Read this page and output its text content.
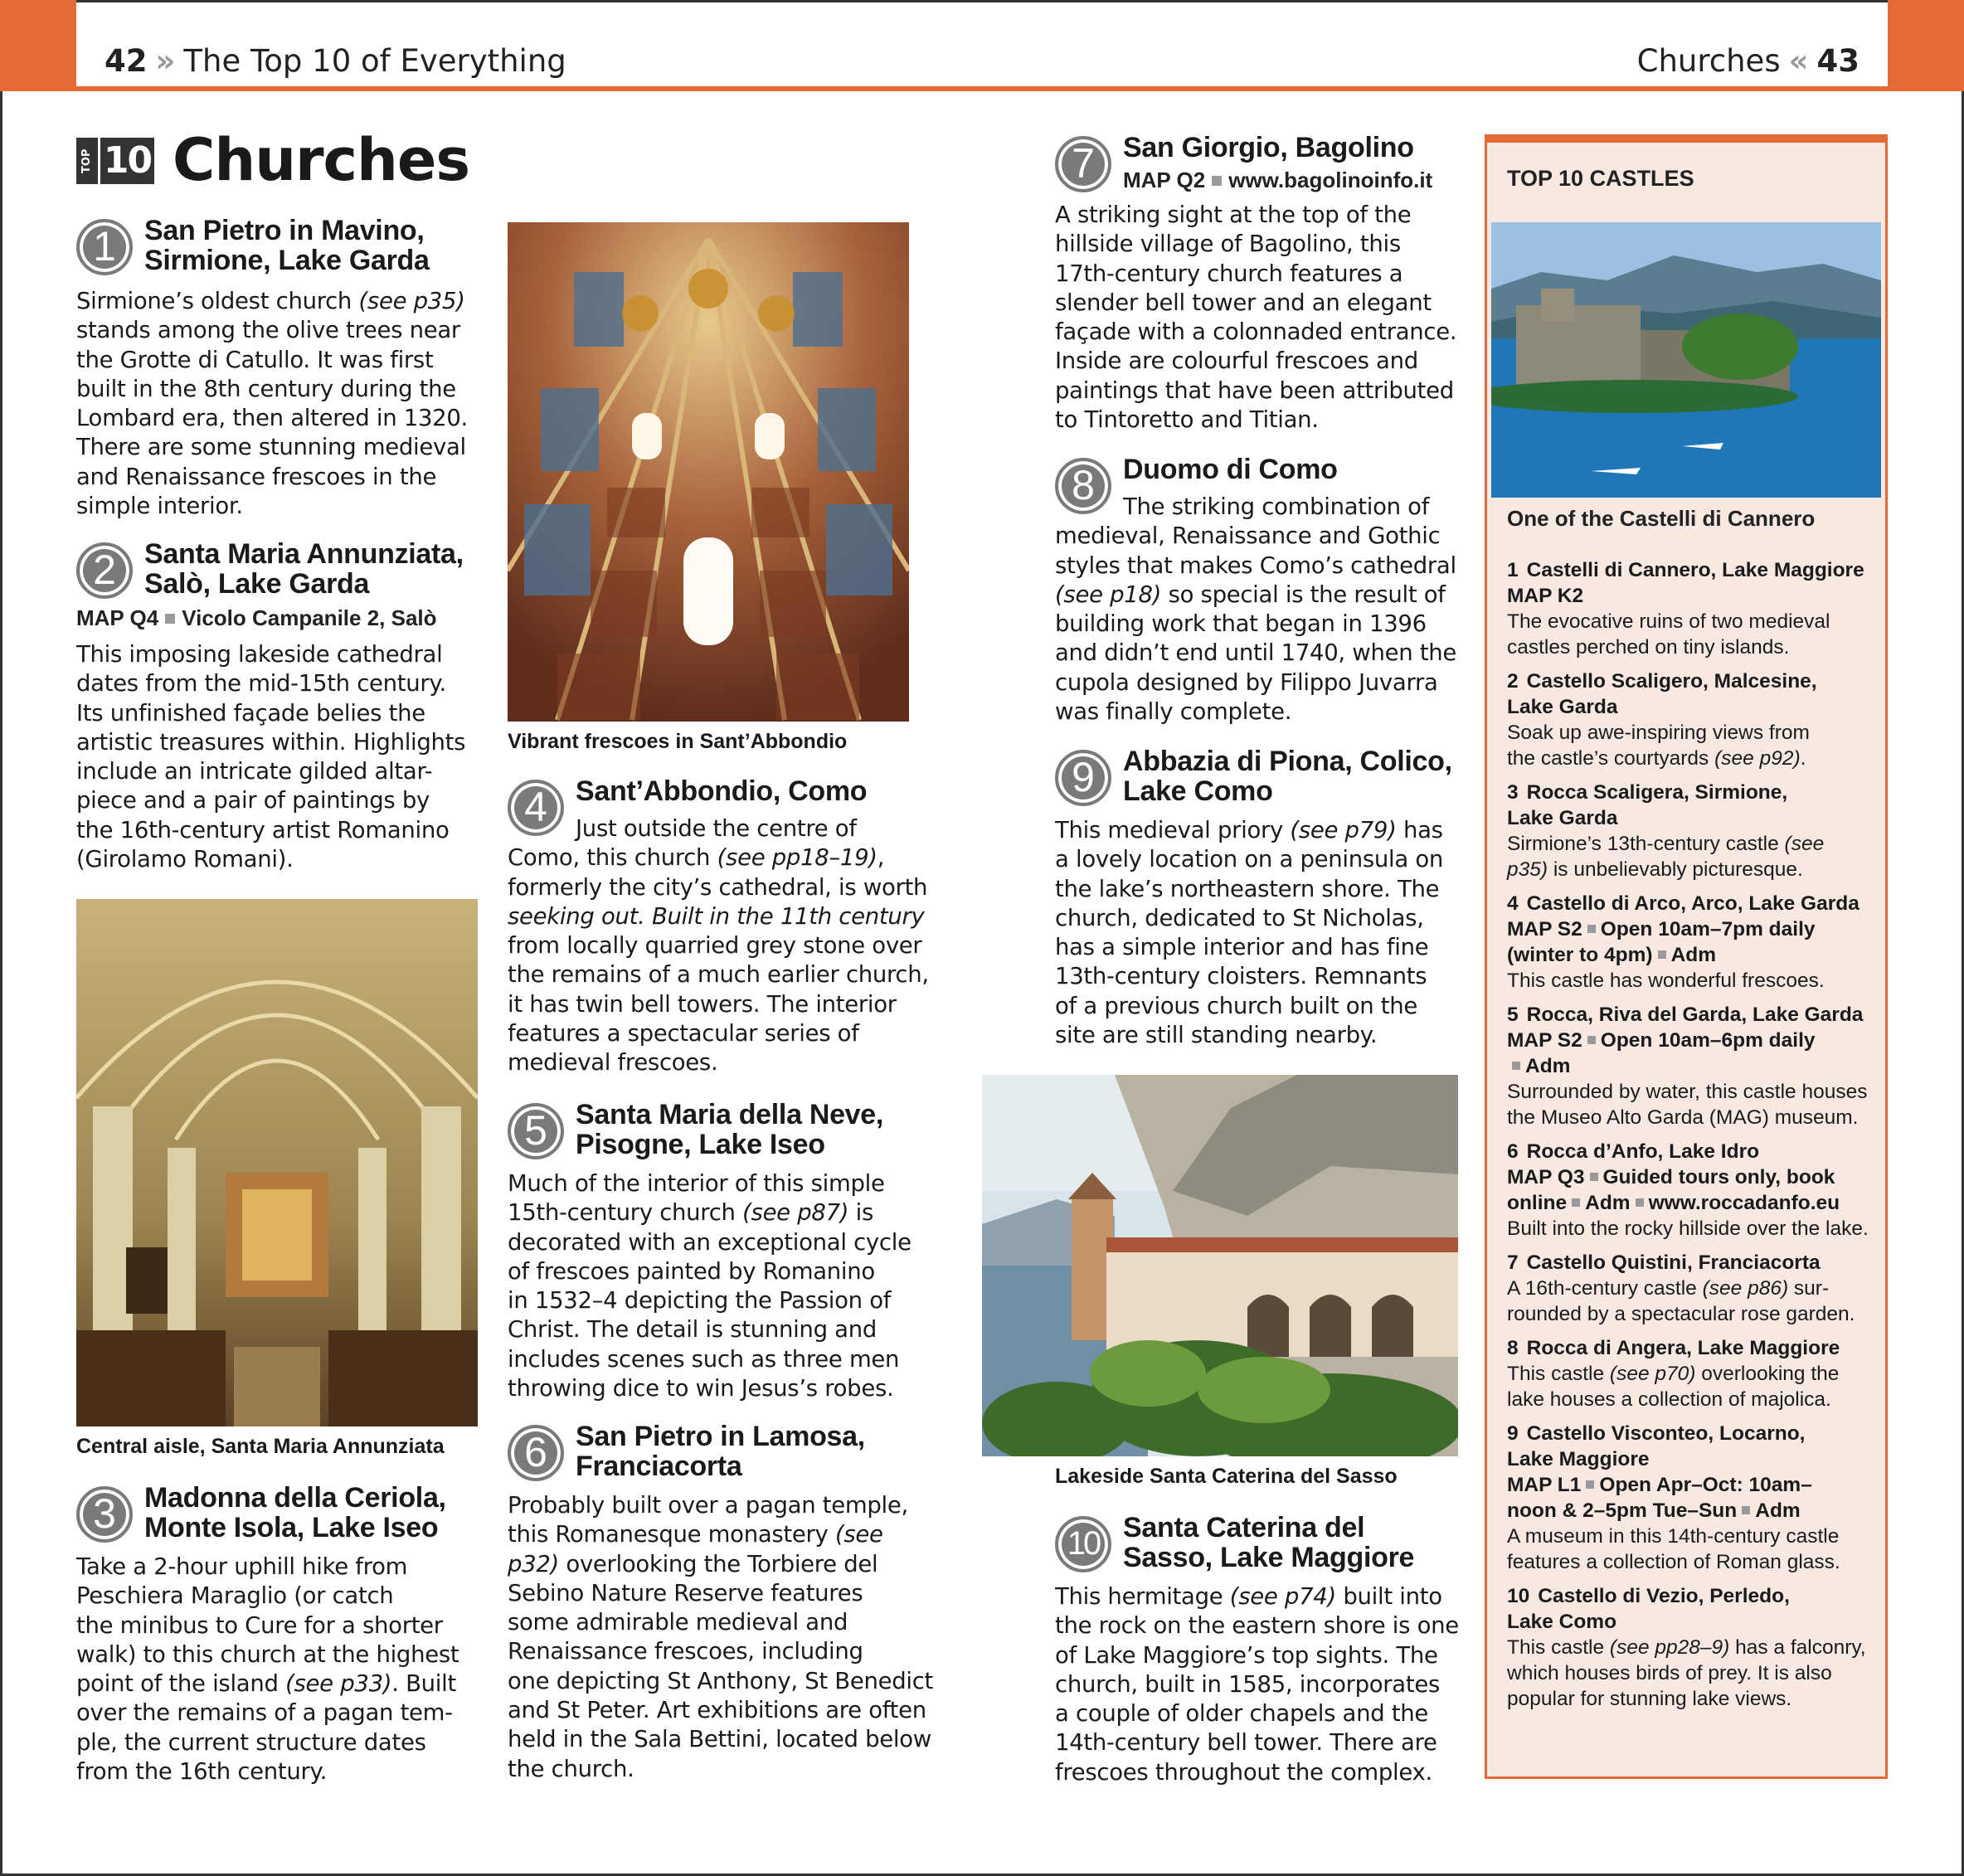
42 » The Top 10 of Everything	Churches « 43
TOP 10 Churches
1	San Pietro in Mavino,
Sirmione, Lake Garda
Sirmione’s oldest church (see p35)
stands among the olive trees near
the Grotte di Catullo. It was first
built in the 8th century during the
Lombard era, then altered in 1320.
There are some stunning medieval
and Renaissance frescoes in the
simple interior.
2	Santa Maria Annunziata,
Salò, Lake Garda
MAP Q4 Vicolo Campanile 2, Salò
This imposing lakeside cathedral
dates from the mid-15th century.
Its unfinished façade belies the
artistic treasures within. Highlights
include an intricate gilded altar-
piece and a pair of paintings by
the 16th-century artist Romanino
(Girolamo Romani).
3	Madonna della Ceriola,
Monte Isola, Lake Iseo
Take a 2-hour uphill hike from
Peschiera Maraglio (or catch
the minibus to Cure for a shorter
walk) to this church at the highest
point of the island (see p33). Built
over the remains of a pagan tem-
ple, the current structure dates
from the 16th century.
4	Sant’Abbondio, Como
Just outside the centre of
Como, this church (see pp18–19),
formerly the city’s cathedral, is worth
seeking out. Built in the 11th century
from locally quarried grey stone over
the remains of a much earlier church,
it has twin bell towers. The interior
features a spectacular series of
medieval frescoes.
5	Santa Maria della Neve,
Pisogne, Lake Iseo
Much of the interior of this simple
15th-century church (see p87) is
decorated with an exceptional cycle
of frescoes painted by Romanino
in 1532–4 depicting the Passion of
Christ. The detail is stunning and
includes scenes such as three men
throwing dice to win Jesus’s robes.
6	San Pietro in Lamosa,
Franciacorta
Probably built over a pagan temple,
this Romanesque monastery (see
p32) overlooking the Torbiere del
Sebino Nature Reserve features
some admirable medieval and
Renaissance frescoes, including
one depicting St Anthony, St Benedict
and St Peter. Art exhibitions are often
held in the Sala Bettini, located below
the church.
7	San Giorgio, Bagolino
MAP Q2 www.bagolinoinfo.it
A striking sight at the top of the
hillside village of Bagolino, this
17th-century church features a
slender bell tower and an elegant
façade with a colonnaded entrance.
Inside are colourful frescoes and
paintings that have been attributed
to Tintoretto and Titian.
8	Duomo di Como
The striking combination of
medieval, Renaissance and Gothic
styles that makes Como’s cathedral
(see p18) so special is the result of
building work that began in 1396
and didn’t end until 1740, when the
cupola designed by Filippo Juvarra
was finally complete.
9	Abbazia di Piona, Colico,
Lake Como
This medieval priory (see p79) has
a lovely location on a peninsula on
the lake’s northeastern shore. The
church, dedicated to St Nicholas,
has a simple interior and has fine
13th-century cloisters. Remnants
of a previous church built on the
site are still standing nearby.
10 Santa Caterina del
Sasso, Lake Maggiore
This hermitage (see p74) built into
the rock on the eastern shore is one
of Lake Maggiore’s top sights. The
church, built in 1585, incorporates
a couple of older chapels and the
14th-century bell tower. There are
frescoes throughout the complex.
Vibrant frescoes in Sant’Abbondio
Central aisle, Santa Maria Annunziata
Lakeside Santa Caterina del Sasso
TOP 10 CASTLES
One of the Castelli di Cannero
1 Castelli di Cannero, Lake Maggiore
MAP K2
The evocative ruins of two medieval
castles perched on tiny islands.
2 Castello Scaligero, Malcesine,
Lake Garda
Soak up awe-inspiring views from
the castle’s courtyards (see p92).
3 Rocca Scaligera, Sirmione,
Lake Garda
Sirmione’s 13th-century castle (see
p35) is unbelievably picturesque.
4 Castello di Arco, Arco, Lake Garda
MAP S2 Open 10am–7pm daily
(winter to 4pm) Adm
This castle has wonderful frescoes.
5 Rocca, Riva del Garda, Lake Garda
MAP S2 Open 10am–6pm daily
Adm
Surrounded by water, this castle houses
the Museo Alto Garda (MAG) museum.
6 Rocca d’Anfo, Lake Idro
MAP Q3 Guided tours only, book
online Adm www.roccadanfo.eu
Built into the rocky hillside over the lake.
7 Castello Quistini, Franciacorta
A 16th-century castle (see p86) sur-
rounded by a spectacular rose garden.
8 Rocca di Angera, Lake Maggiore
This castle (see p70) overlooking the
lake houses a collection of majolica.
9 Castello Visconteo, Locarno,
Lake Maggiore
MAP L1 Open Apr–Oct: 10am–
noon & 2–5pm Tue–Sun Adm
A museum in this 14th-century castle
features a collection of Roman glass.
10 Castello di Vezio, Perledo,
Lake Como
This castle (see pp28–9) has a falconry,
which houses birds of prey. It is also
popular for stunning lake views.
